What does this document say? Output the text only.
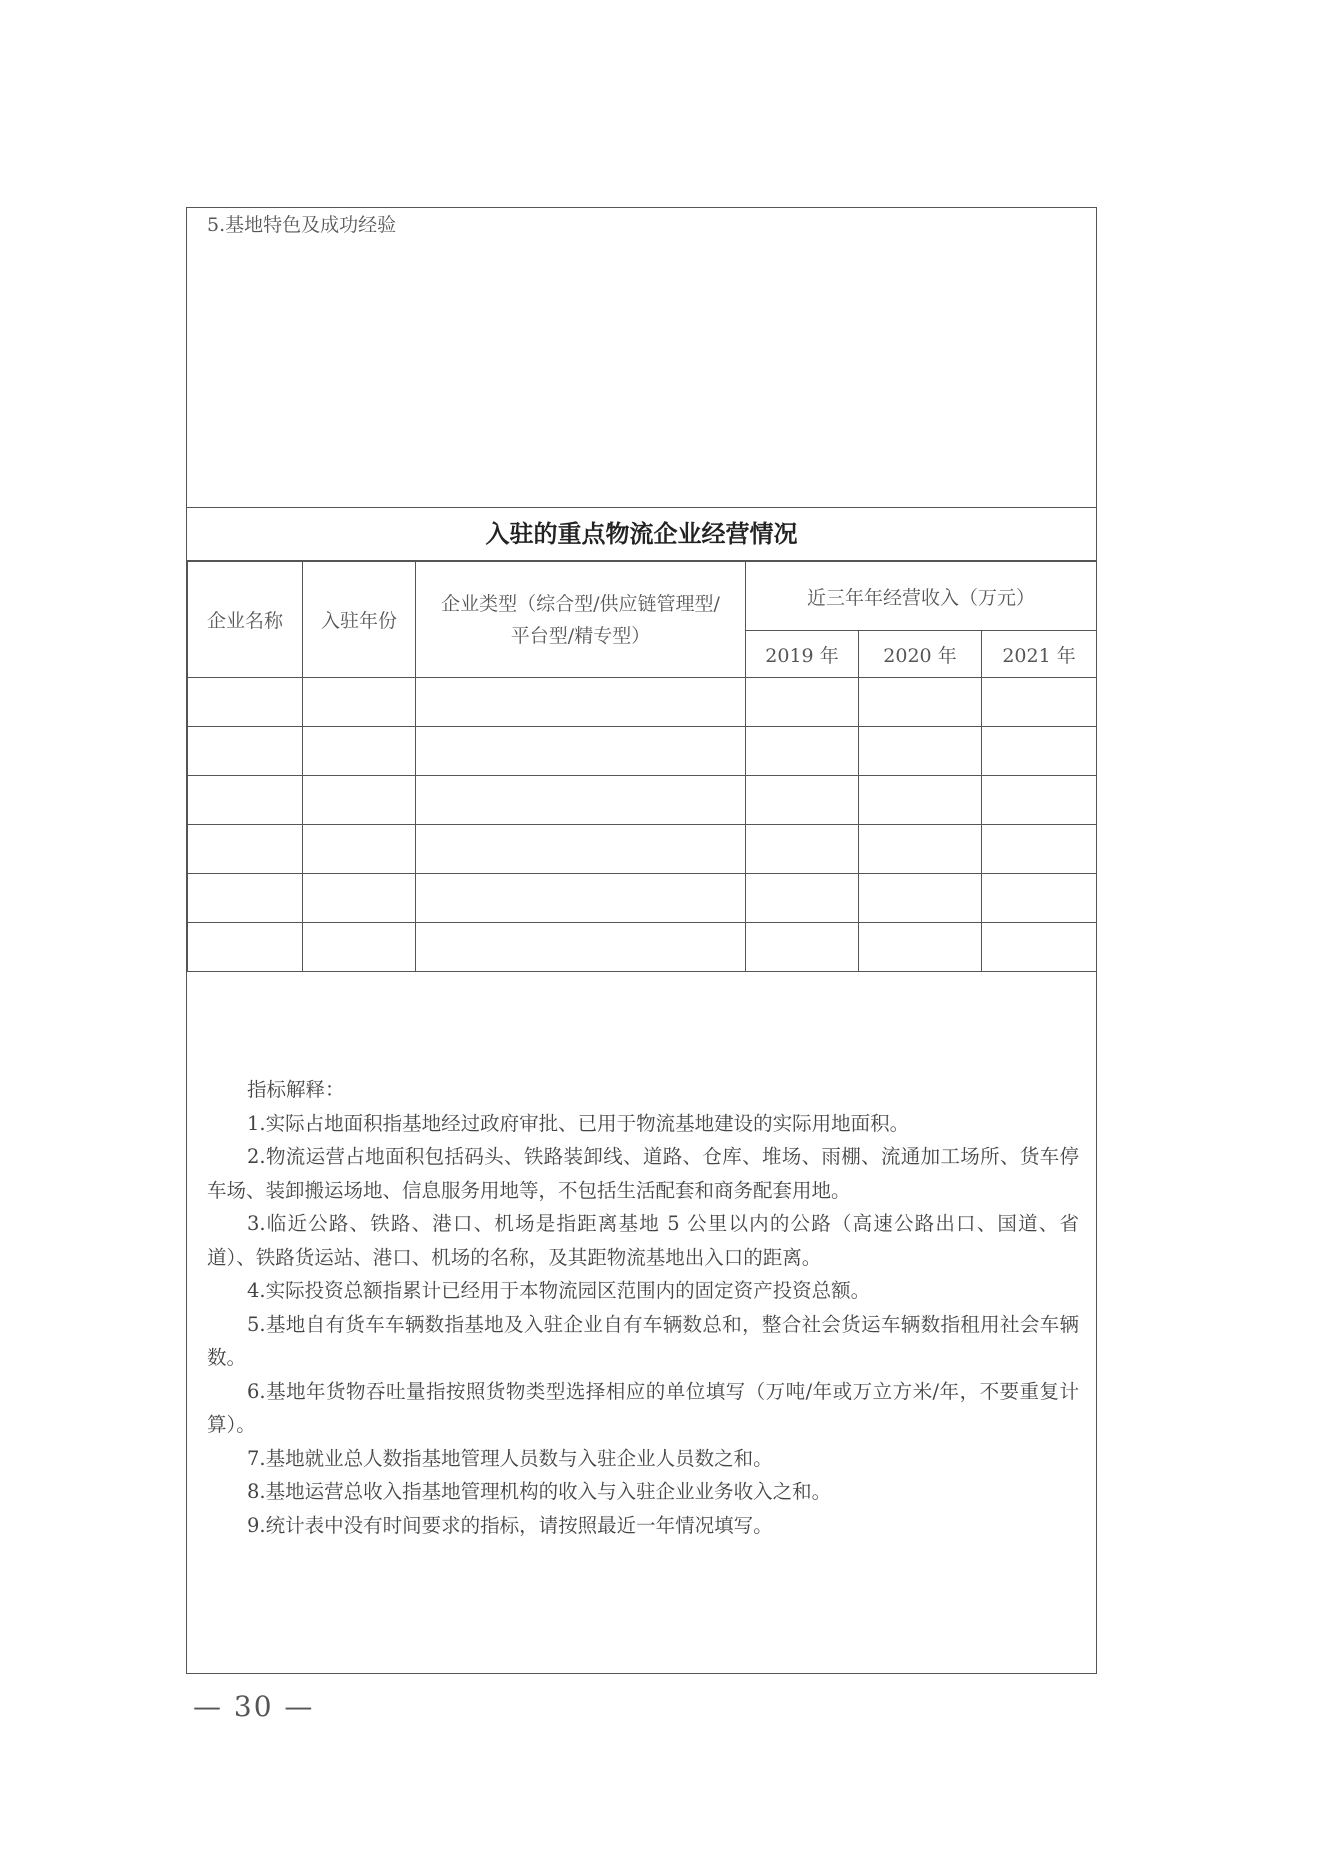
5.基地特色及成功经验
入驻的重点物流企业经营情况
企业名称	入驻年份	企业类型（综合型/供应链管理型/平台型/精专型）	近三年年经营收入（万元）		
			2019 年	2020 年	2021 年

指标解释：

1.实际占地面积指基地经过政府审批、已用于物流基地建设的实际用地面积。

2.物流运营占地面积包括码头、铁路装卸线、道路、仓库、堆场、雨棚、流通加工场所、货车停车场、装卸搬运场地、信息服务用地等，不包括生活配套和商务配套用地。

3.临近公路、铁路、港口、机场是指距离基地 5 公里以内的公路（高速公路出口、国道、省道）、铁路货运站、港口、机场的名称，及其距物流基地出入口的距离。

4.实际投资总额指累计已经用于本物流园区范围内的固定资产投资总额。

5.基地自有货车车辆数指基地及入驻企业自有车辆数总和，整合社会货运车辆数指租用社会车辆数。

6.基地年货物吞吐量指按照货物类型选择相应的单位填写（万吨/年或万立方米/年，不要重复计算）。

7.基地就业总人数指基地管理人员数与入驻企业人员数之和。

8.基地运营总收入指基地管理机构的收入与入驻企业业务收入之和。

9.统计表中没有时间要求的指标，请按照最近一年情况填写。

— 30 —
